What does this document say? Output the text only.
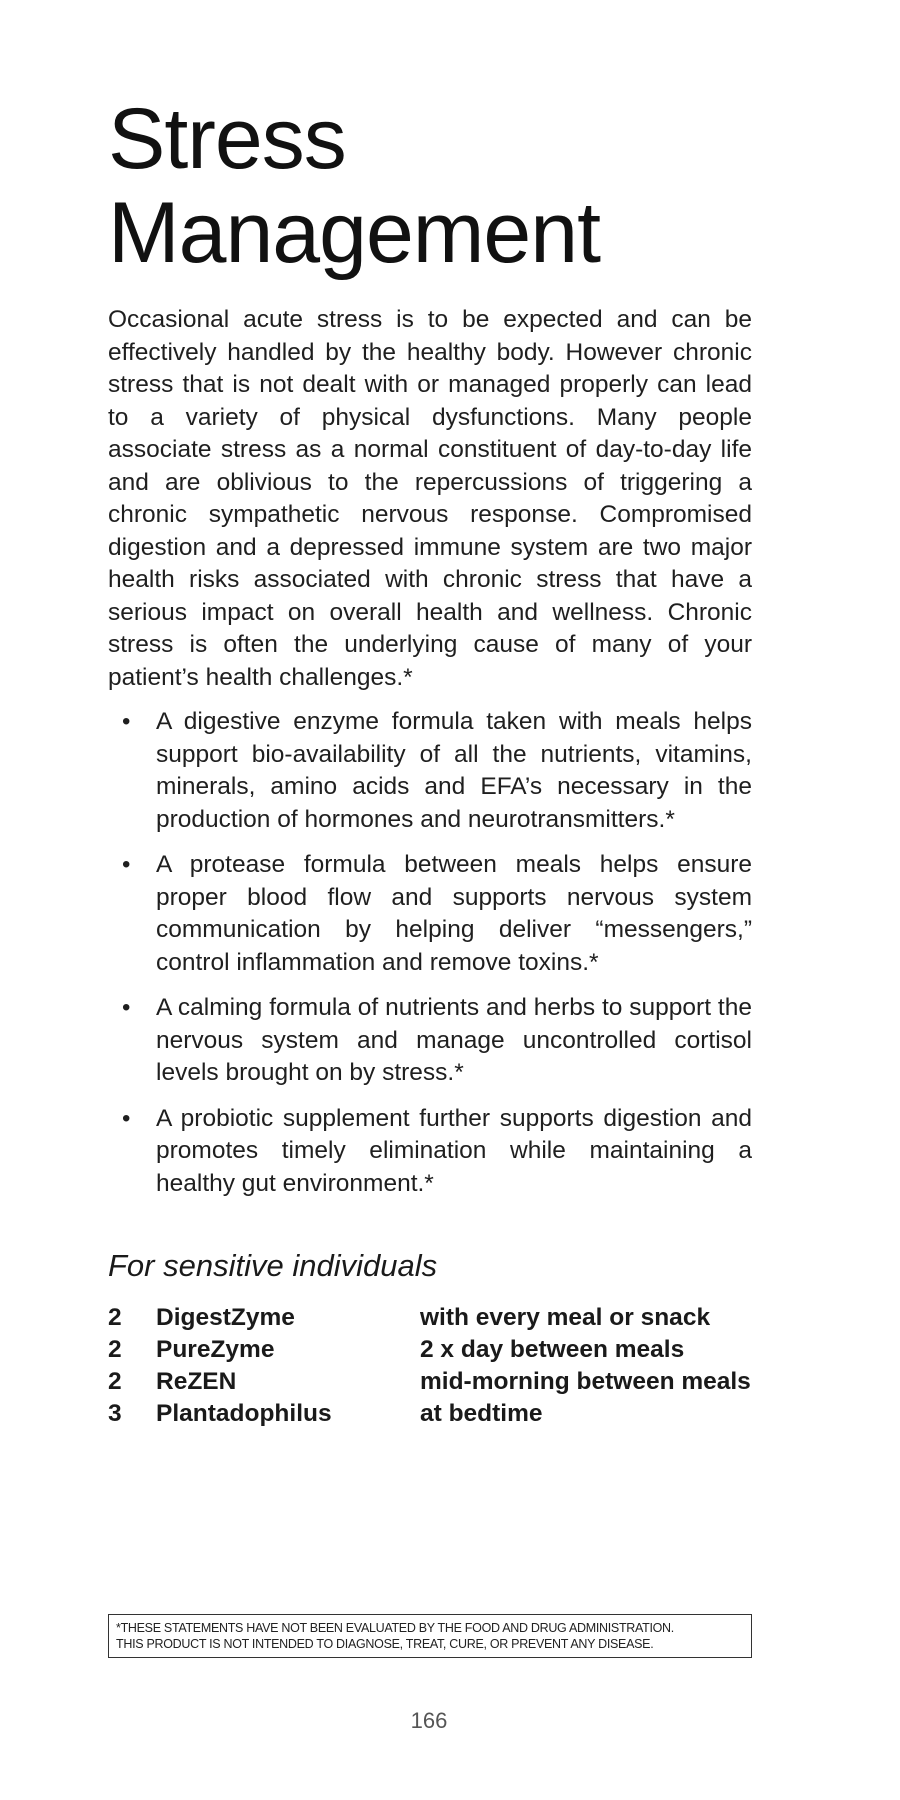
Stress
Management

Occasional acute stress is to be expected and can be effectively handled by the healthy body. However chronic stress that is not dealt with or managed properly can lead to a variety of physical dysfunctions. Many people associate stress as a normal constituent of day-to-day life and are oblivious to the repercussions of triggering a chronic sympathetic nervous response. Compromised digestion and a depressed immune system are two major health risks associated with chronic stress that have a serious impact on overall health and wellness. Chronic stress is often the underlying cause of many of your patient’s health challenges.*

• A digestive enzyme formula taken with meals helps support bio-availability of all the nutrients, vitamins, minerals, amino acids and EFA’s necessary in the production of hormones and neurotransmitters.*
• A protease formula between meals helps ensure proper blood flow and supports nervous system communication by helping deliver “messengers,” control inflammation and remove toxins.*
• A calming formula of nutrients and herbs to support the nervous system and manage uncontrolled cortisol levels brought on by stress.*
• A probiotic supplement further supports digestion and promotes timely elimination while maintaining a healthy gut environment.*
For sensitive individuals
2	DigestZyme	with every meal or snack
2	PureZyme	2 x day between meals
2	ReZEN	mid-morning between meals
3	Plantadophilus	at bedtime
*THESE STATEMENTS HAVE NOT BEEN EVALUATED BY THE FOOD AND DRUG ADMINISTRATION.
THIS PRODUCT IS NOT INTENDED TO DIAGNOSE, TREAT, CURE, OR PREVENT ANY DISEASE.
166
